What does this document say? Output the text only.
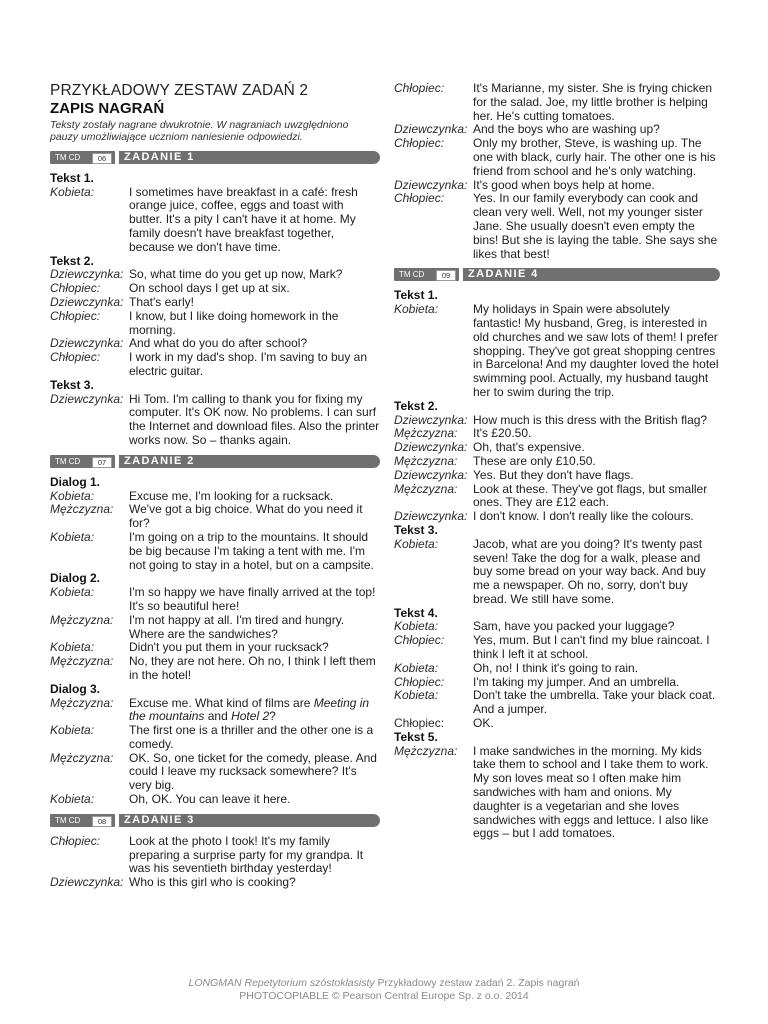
PRZYKŁADOWY ZESTAW ZADAŃ 2
ZAPIS NAGRAŃ
Teksty zostały nagrane dwukrotnie. W nagraniach uwzględniono pauzy umożliwiające uczniom naniesienie odpowiedzi.
TM CD	06	ZADANIE 1
Tekst 1.
Kobieta:	I sometimes have breakfast in a café: fresh orange juice, coffee, eggs and toast with butter. It's a pity I can't have it at home. My family doesn't have breakfast together, because we don't have time.
Tekst 2.
Dziewczynka: So, what time do you get up now, Mark?
Chłopiec:	On school days I get up at six.
Dziewczynka: That's early!
Chłopiec:	I know, but I like doing homework in the morning.
Dziewczynka: And what do you do after school?
Chłopiec:	I work in my dad's shop. I'm saving to buy an electric guitar.
Tekst 3.
Dziewczynka: Hi Tom. I'm calling to thank you for fixing my computer. It's OK now. No problems. I can surf the Internet and download files. Also the printer works now. So – thanks again.
TM CD	07	ZADANIE 2
Dialog 1.
Kobieta:	Excuse me, I'm looking for a rucksack.
Mężczyzna:	We've got a big choice. What do you need it for?
Kobieta:	I'm going on a trip to the mountains. It should be big because I'm taking a tent with me. I'm not going to stay in a hotel, but on a campsite.
Dialog 2.
Kobieta:	I'm so happy we have finally arrived at the top! It's so beautiful here!
Mężczyzna:	I'm not happy at all. I'm tired and hungry. Where are the sandwiches?
Kobieta:	Didn't you put them in your rucksack?
Mężczyzna:	No, they are not here. Oh no, I think I left them in the hotel!
Dialog 3.
Mężczyzna:	Excuse me. What kind of films are Meeting in the mountains and Hotel 2?
Kobieta:	The first one is a thriller and the other one is a comedy.
Mężczyzna:	OK. So, one ticket for the comedy, please. And could I leave my rucksack somewhere? It's very big.
Kobieta:	Oh, OK. You can leave it here.
TM CD	08	ZADANIE 3
Chłopiec:	Look at the photo I took! It's my family preparing a surprise party for my grandpa. It was his seventieth birthday yesterday!
Dziewczynka: Who is this girl who is cooking?
Chłopiec:	It's Marianne, my sister. She is frying chicken for the salad. Joe, my little brother is helping her. He's cutting tomatoes.
Dziewczynka: And the boys who are washing up?
Chłopiec:	Only my brother, Steve, is washing up. The one with black, curly hair. The other one is his friend from school and he's only watching.
Dziewczynka: It's good when boys help at home.
Chłopiec:	Yes. In our family everybody can cook and clean very well. Well, not my younger sister Jane. She usually doesn't even empty the bins! But she is laying the table. She says she likes that best!
TM CD	09	ZADANIE 4
Tekst 1.
Kobieta:	My holidays in Spain were absolutely fantastic! My husband, Greg, is interested in old churches and we saw lots of them! I prefer shopping. They've got great shopping centres in Barcelona! And my daughter loved the hotel swimming pool. Actually, my husband taught her to swim during the trip.
Tekst 2.
Dziewczynka: How much is this dress with the British flag?
Mężczyzna:	It's £20.50.
Dziewczynka: Oh, that's expensive.
Mężczyzna:	These are only £10.50.
Dziewczynka: Yes. But they don't have flags.
Mężczyzna:	Look at these. They've got flags, but smaller ones. They are £12 each.
Dziewczynka: I don't know. I don't really like the colours.
Tekst 3.
Kobieta:	Jacob, what are you doing? It's twenty past seven! Take the dog for a walk, please and buy some bread on your way back. And buy me a newspaper. Oh no, sorry, don't buy bread. We still have some.
Tekst 4.
Kobieta:	Sam, have you packed your luggage?
Chłopiec:	Yes, mum. But I can't find my blue raincoat. I think I left it at school.
Kobieta:	Oh, no! I think it's going to rain.
Chłopiec:	I'm taking my jumper. And an umbrella.
Kobieta:	Don't take the umbrella. Take your black coat. And a jumper.
Chłopiec:	OK.
Tekst 5.
Mężczyzna:	I make sandwiches in the morning. My kids take them to school and I take them to work. My son loves meat so I often make him sandwiches with ham and onions. My daughter is a vegetarian and she loves sandwiches with eggs and lettuce. I also like eggs – but I add tomatoes.
LONGMAN Repetytorium szóstoklasisty Przykładowy zestaw zadań 2. Zapis nagrań
PHOTOCOPIABLE © Pearson Central Europe Sp. z o.o. 2014
